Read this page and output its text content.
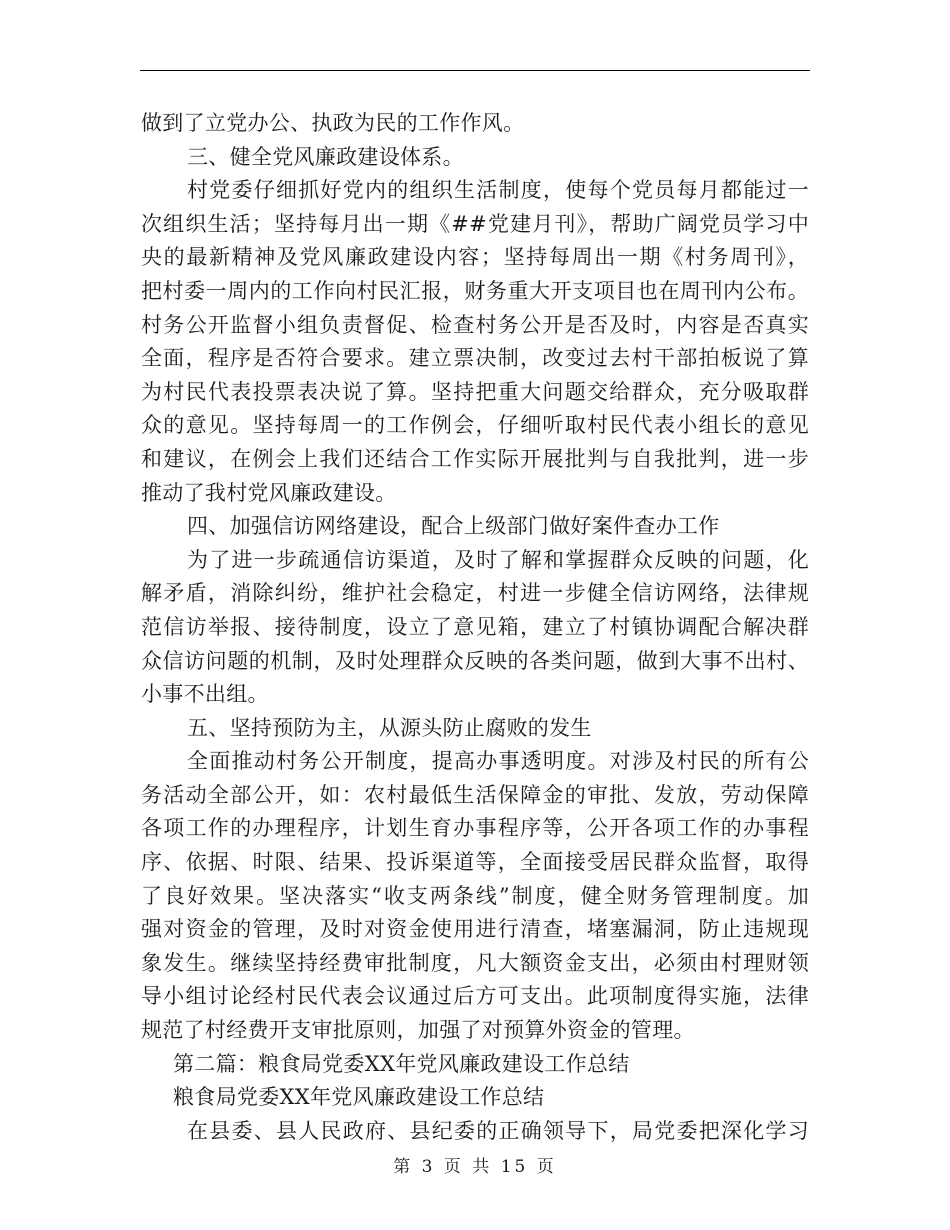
做到了立党办公、执政为民的工作作风。
三、健全党风廉政建设体系。
村党委仔细抓好党内的组织生活制度，使每个党员每月都能过一
次组织生活；坚持每月出一期《##党建月刊》，帮助广阔党员学习中
央的最新精神及党风廉政建设内容；坚持每周出一期《村务周刊》，
把村委一周内的工作向村民汇报，财务重大开支项目也在周刊内公布。
村务公开监督小组负责督促、检查村务公开是否及时，内容是否真实
全面，程序是否符合要求。建立票决制，改变过去村干部拍板说了算
为村民代表投票表决说了算。坚持把重大问题交给群众，充分吸取群
众的意见。坚持每周一的工作例会，仔细听取村民代表小组长的意见
和建议，在例会上我们还结合工作实际开展批判与自我批判，进一步
推动了我村党风廉政建设。
四、加强信访网络建设，配合上级部门做好案件查办工作
为了进一步疏通信访渠道，及时了解和掌握群众反映的问题，化
解矛盾，消除纠纷，维护社会稳定，村进一步健全信访网络，法律规
范信访举报、接待制度，设立了意见箱，建立了村镇协调配合解决群
众信访问题的机制，及时处理群众反映的各类问题，做到大事不出村、
小事不出组。
五、坚持预防为主，从源头防止腐败的发生
全面推动村务公开制度，提高办事透明度。对涉及村民的所有公
务活动全部公开，如：农村最低生活保障金的审批、发放，劳动保障
各项工作的办理程序，计划生育办事程序等，公开各项工作的办事程
序、依据、时限、结果、投诉渠道等，全面接受居民群众监督，取得
了良好效果。坚决落实“收支两条线”制度，健全财务管理制度。加
强对资金的管理，及时对资金使用进行清查，堵塞漏洞，防止违规现
象发生。继续坚持经费审批制度，凡大额资金支出，必须由村理财领
导小组讨论经村民代表会议通过后方可支出。此项制度得实施，法律
规范了村经费开支审批原则，加强了对预算外资金的管理。
第二篇：粮食局党委XX年党风廉政建设工作总结
粮食局党委XX年党风廉政建设工作总结
在县委、县人民政府、县纪委的正确领导下，局党委把深化学习
第 3 页 共 15 页
